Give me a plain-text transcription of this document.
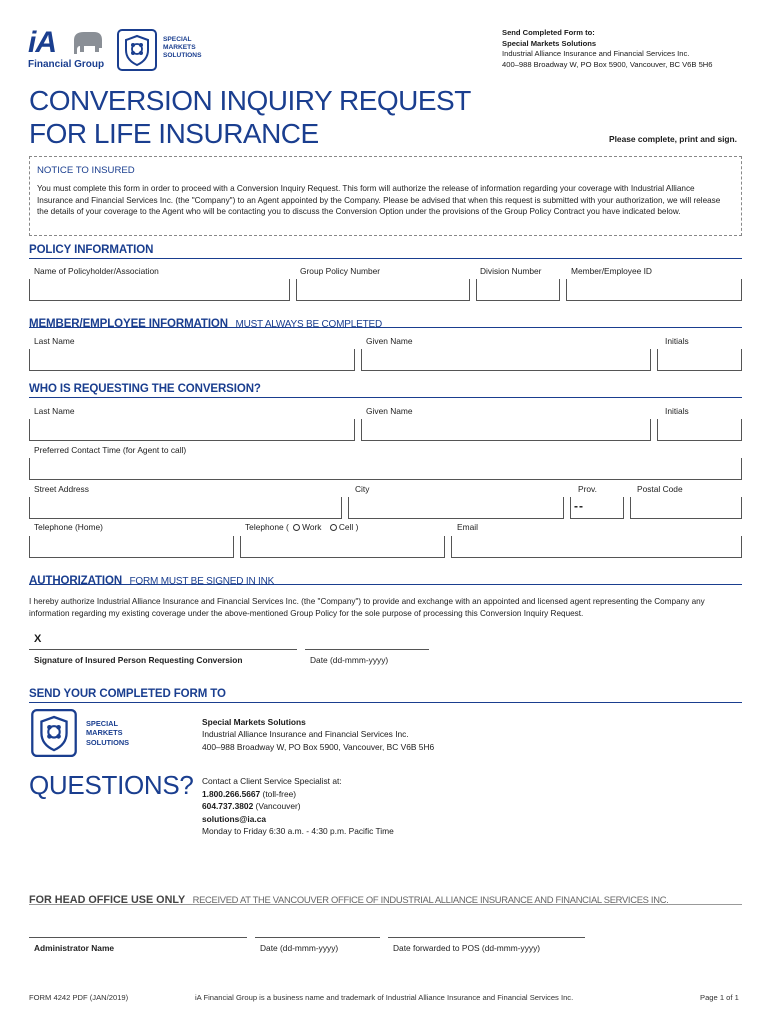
iA
Financial Group
SPECIAL
MARKETS
SOLUTIONS
Send Completed Form to:
Special Markets Solutions
Industrial Alliance Insurance and Financial Services Inc.
400–988 Broadway W, PO Box 5900, Vancouver, BC V6B 5H6
CONVERSION INQUIRY REQUEST
FOR LIFE INSURANCE	Please complete, print and sign.
NOTICE TO INSURED
You must complete this form in order to proceed with a Conversion Inquiry Request. This form will authorize the release of information regarding your coverage with Industrial Alliance Insurance and Financial Services Inc. (the "Company") to an Agent appointed by the Company. Please be advised that when this request is submitted with your authorization, we will release the details of your coverage to the Agent who will be contacting you to discuss the Conversion Option under the provisions of the Group Policy Contract you have indicated below.
POLICY INFORMATION
Name of Policyholder/Association	Group Policy Number	Division Number	Member/Employee ID
MEMBER/EMPLOYEE INFORMATION MUST ALWAYS BE COMPLETED
Last Name	Given Name	Initials
WHO IS REQUESTING THE CONVERSION?
Last Name	Given Name	Initials
Preferred Contact Time (for Agent to call)
Street Address	City	Prov.	Postal Code
--
Telephone (Home)	Telephone ( Work Cell )	Email
AUTHORIZATION FORM MUST BE SIGNED IN INK
I hereby authorize Industrial Alliance Insurance and Financial Services Inc. (the "Company") to provide and exchange with an appointed and licensed agent representing the Company any information regarding my existing coverage under the above-mentioned Group Policy for the sole purpose of processing this Conversion Inquiry Request.
X
Signature of Insured Person Requesting Conversion	Date (dd-mmm-yyyy)
SEND YOUR COMPLETED FORM TO
SPECIAL
MARKETS
SOLUTIONS
Special Markets Solutions
Industrial Alliance Insurance and Financial Services Inc.
400–988 Broadway W, PO Box 5900, Vancouver, BC V6B 5H6
QUESTIONS? Contact a Client Service Specialist at:
1.800.266.5667 (toll-free)
604.737.3802 (Vancouver)
solutions@ia.ca
Monday to Friday 6:30 a.m. - 4:30 p.m. Pacific Time
FOR HEAD OFFICE USE ONLY RECEIVED AT THE VANCOUVER OFFICE OF INDUSTRIAL ALLIANCE INSURANCE AND FINANCIAL SERVICES INC.
Administrator Name	Date (dd-mmm-yyyy)	Date forwarded to POS (dd-mmm-yyyy)
FORM 4242 PDF (JAN/2019)	iA Financial Group is a business name and trademark of Industrial Alliance Insurance and Financial Services Inc.	Page 1 of 1
